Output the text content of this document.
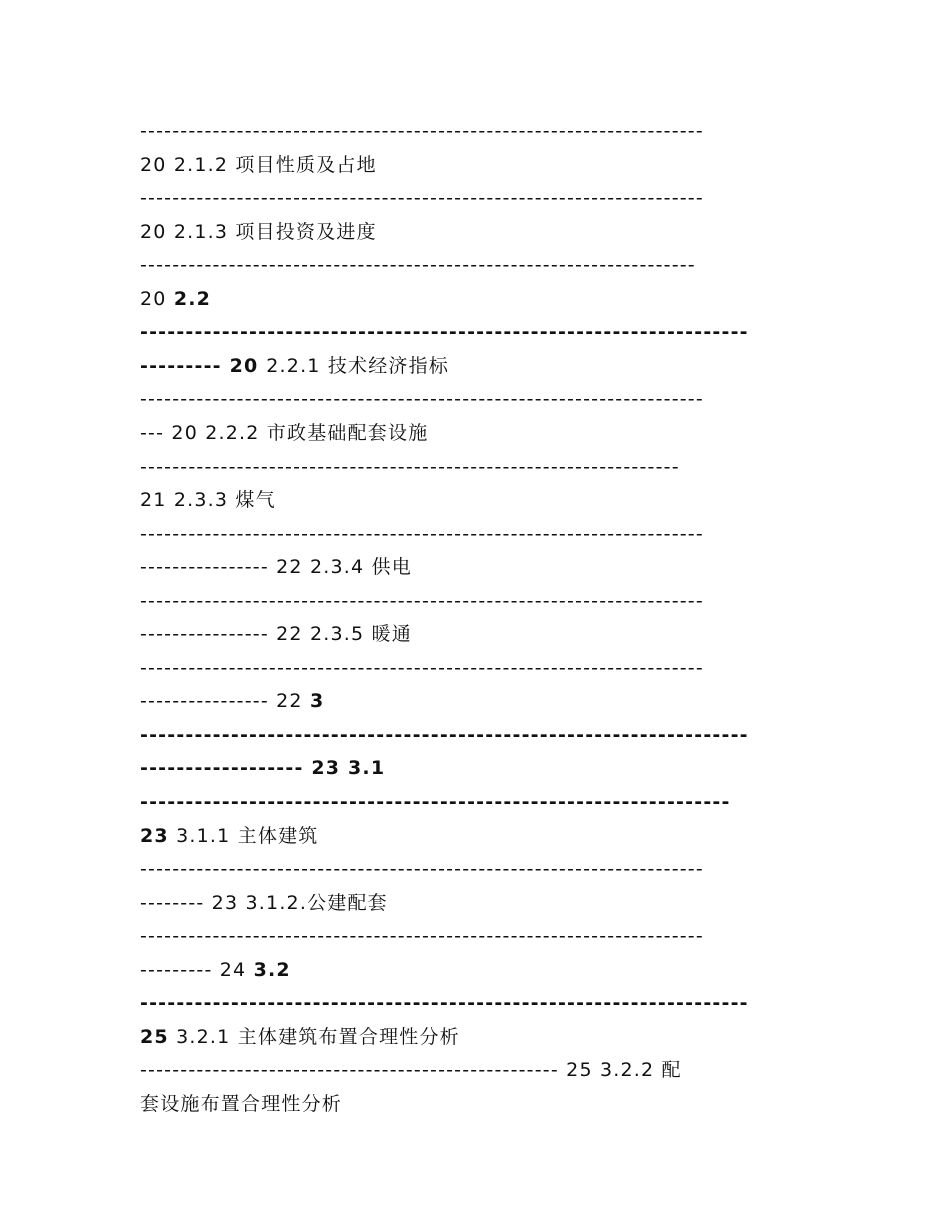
----------------------------------------------------------------------
20 2.1.2 项目性质及占地
----------------------------------------------------------------------
20 2.1.3 项目投资及进度
---------------------------------------------------------------------
20 2.2
-------------------------------------------------------------------
--------- 20 2.2.1 技术经济指标
----------------------------------------------------------------------
--- 20 2.2.2 市政基础配套设施
-------------------------------------------------------------------
21 2.3.3 煤气
----------------------------------------------------------------------
---------------- 22 2.3.4 供电
----------------------------------------------------------------------
---------------- 22 2.3.5 暖通
----------------------------------------------------------------------
---------------- 22 3
-------------------------------------------------------------------
------------------ 23 3.1
-----------------------------------------------------------------
23 3.1.1 主体建筑
----------------------------------------------------------------------
-------- 23 3.1.2.公建配套
----------------------------------------------------------------------
--------- 24 3.2
-------------------------------------------------------------------
25 3.2.1 主体建筑布置合理性分析
---------------------------------------------------- 25 3.2.2 配
套设施布置合理性分析
